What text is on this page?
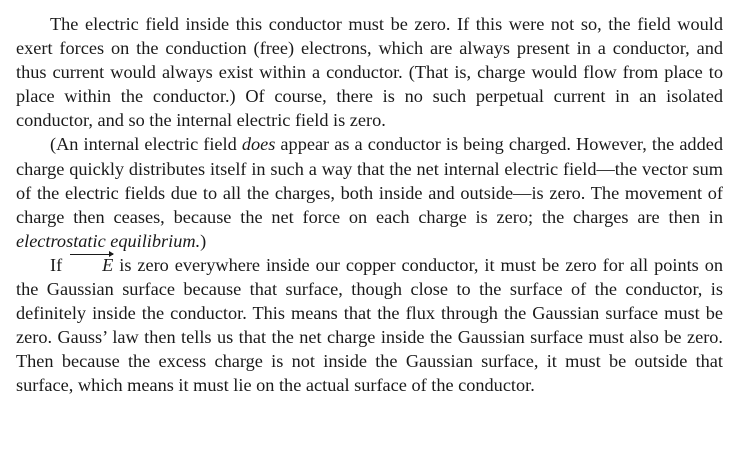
The electric field inside this conductor must be zero. If this were not so, the field would exert forces on the conduction (free) electrons, which are always present in a conductor, and thus current would always exist within a conductor. (That is, charge would flow from place to place within the conductor.) Of course, there is no such perpetual current in an isolated conductor, and so the internal electric field is zero.

(An internal electric field does appear as a conductor is being charged. However, the added charge quickly distributes itself in such a way that the net internal electric field—the vector sum of the electric fields due to all the charges, both inside and outside—is zero. The movement of charge then ceases, because the net force on each charge is zero; the charges are then in electrostatic equilibrium.)

If E is zero everywhere inside our copper conductor, it must be zero for all points on the Gaussian surface because that surface, though close to the surface of the conductor, is definitely inside the conductor. This means that the flux through the Gaussian surface must be zero. Gauss’ law then tells us that the net charge inside the Gaussian surface must also be zero. Then because the excess charge is not inside the Gaussian surface, it must be outside that surface, which means it must lie on the actual surface of the conductor.
